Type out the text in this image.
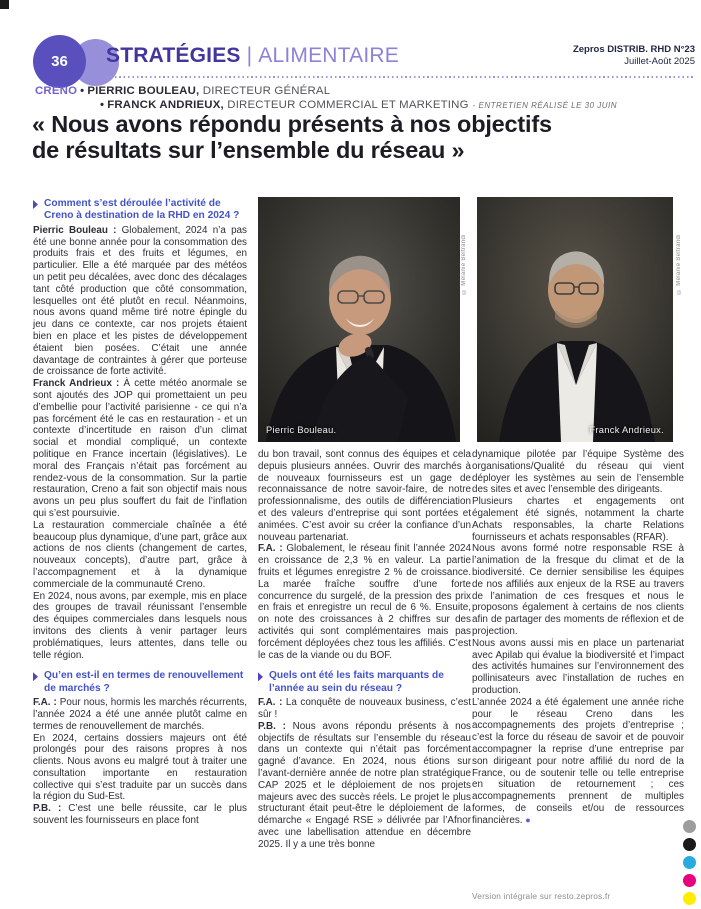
36 STRATÉGIES | ALIMENTAIRE	Zepros DISTRIB. RHD N°23
Juillet-Août 2025
CRENO • PIERRIC BOULEAU, DIRECTEUR GÉNÉRAL
• FRANCK ANDRIEUX, DIRECTEUR COMMERCIAL ET MARKETING - ENTRETIEN RÉALISÉ LE 30 JUIN
« Nous avons répondu présents à nos objectifs
de résultats sur l’ensemble du réseau »
Pierric Bouleau.
© Mélanie Beltrandi
Franck Andrieux.
© Mélanie Beltrandi
Comment s’est déroulée l’activité de Creno à destination de la RHD en 2024 ?

Pierric Bouleau : Globalement, 2024 n’a pas été une bonne année pour la consommation des produits frais et des fruits et légumes, en particulier. Elle a été marquée par des météos un petit peu décalées, avec donc des décalages tant côté production que côté consommation, lesquelles ont été plutôt en recul. Néanmoins, nous avons quand même tiré notre épingle du jeu dans ce contexte, car nos projets étaient bien en place et les pistes de développement étaient bien posées. C’était une année davantage de contraintes à gérer que porteuse de croissance de forte activité.

Franck Andrieux : À cette météo anormale se sont ajoutés des JOP qui promettaient un peu d’embellie pour l’activité parisienne - ce qui n’a pas forcément été le cas en restauration - et un contexte d’incertitude en raison d’un climat social et mondial compliqué, un contexte politique en France incertain (législatives). Le moral des Français n’était pas forcément au rendez-vous de la consommation. Sur la partie restauration, Creno a fait son objectif mais nous avons un peu plus souffert du fait de l’inflation qui s’est poursuivie.

La restauration commerciale chaînée a été beaucoup plus dynamique, d’une part, grâce aux actions de nos clients (changement de cartes, nouveaux concepts), d’autre part, grâce à l’accompagnement et à la dynamique commerciale de la communauté Creno.

En 2024, nous avons, par exemple, mis en place des groupes de travail réunissant l’ensemble des équipes commerciales dans lesquels nous invitons des clients à venir partager leurs problématiques, leurs attentes, dans telle ou telle région.

Qu’en est-il en termes de renouvellement de marchés ?

F.A. : Pour nous, hormis les marchés récurrents, l’année 2024 a été une année plutôt calme en termes de renouvellement de marchés.

En 2024, certains dossiers majeurs ont été prolongés pour des raisons propres à nos clients. Nous avons eu malgré tout à traiter une consultation importante en restauration collective qui s’est traduite par un succès dans la région du Sud-Est.

P.B. : C’est une belle réussite, car le plus souvent les fournisseurs en place font

du bon travail, sont connus des équipes et cela depuis plusieurs années. Ouvrir des marchés à de nouveaux fournisseurs est un gage de reconnaissance de notre savoir-faire, de notre professionnalisme, des outils de différenciation et des valeurs d’entreprise qui sont portées et animées. C’est avoir su créer la confiance d’un nouveau partenariat.

F.A. : Globalement, le réseau finit l’année 2024 en croissance de 2,3 % en valeur. La partie fruits et légumes enregistre 2 % de croissance. La marée fraîche souffre d’une forte concurrence du surgelé, de la pression des prix en frais et enregistre un recul de 6 %. Ensuite, on note des croissances à 2 chiffres sur des activités qui sont complémentaires mais pas forcément déployées chez tous les affiliés. C’est le cas de la viande ou du BOF.

Quels ont été les faits marquants de l’année au sein du réseau ?

F.A. : La conquête de nouveaux business, c’est sûr !

P.B. : Nous avons répondu présents à nos objectifs de résultats sur l’ensemble du réseau dans un contexte qui n’était pas forcément gagné d’avance. En 2024, nous étions sur l’avant-dernière année de notre plan stratégique CAP 2025 et le déploiement de nos projets majeurs avec des succès réels. Le projet le plus structurant était peut-être le déploiement de la démarche « Engagé RSE » délivrée par l’Afnor avec une labellisation attendue en décembre 2025. Il y a une très bonne

dynamique pilotée par l’équipe Système des organisations/Qualité du réseau qui vient déployer les systèmes au sein de l’ensemble des sites et avec l’ensemble des dirigeants.

Plusieurs chartes et engagements ont également été signés, notamment la charte Achats responsables, la charte Relations fournisseurs et achats responsables (RFAR).

Nous avons formé notre responsable RSE à l’animation de la fresque du climat et de la biodiversité. Ce dernier sensibilise les équipes de nos affiliés aux enjeux de la RSE au travers de l’animation de ces fresques et nous le proposons également à certains de nos clients afin de partager des moments de réflexion et de projection.

Nous avons aussi mis en place un partenariat avec Apilab qui évalue la biodiversité et l’impact des activités humaines sur l’environnement des pollinisateurs avec l’installation de ruches en production.

L’année 2024 a été également une année riche pour le réseau Creno dans les accompagnements des projets d’entreprise ; c’est la force du réseau de savoir et de pouvoir accompagner la reprise d’une entreprise par son dirigeant pour notre affilié du nord de la France, ou de soutenir telle ou telle entreprise en situation de retournement ; ces accompagnements prennent de multiples formes, de conseils et/ou de ressources financières. ●

Version intégrale sur resto.zepros.fr
